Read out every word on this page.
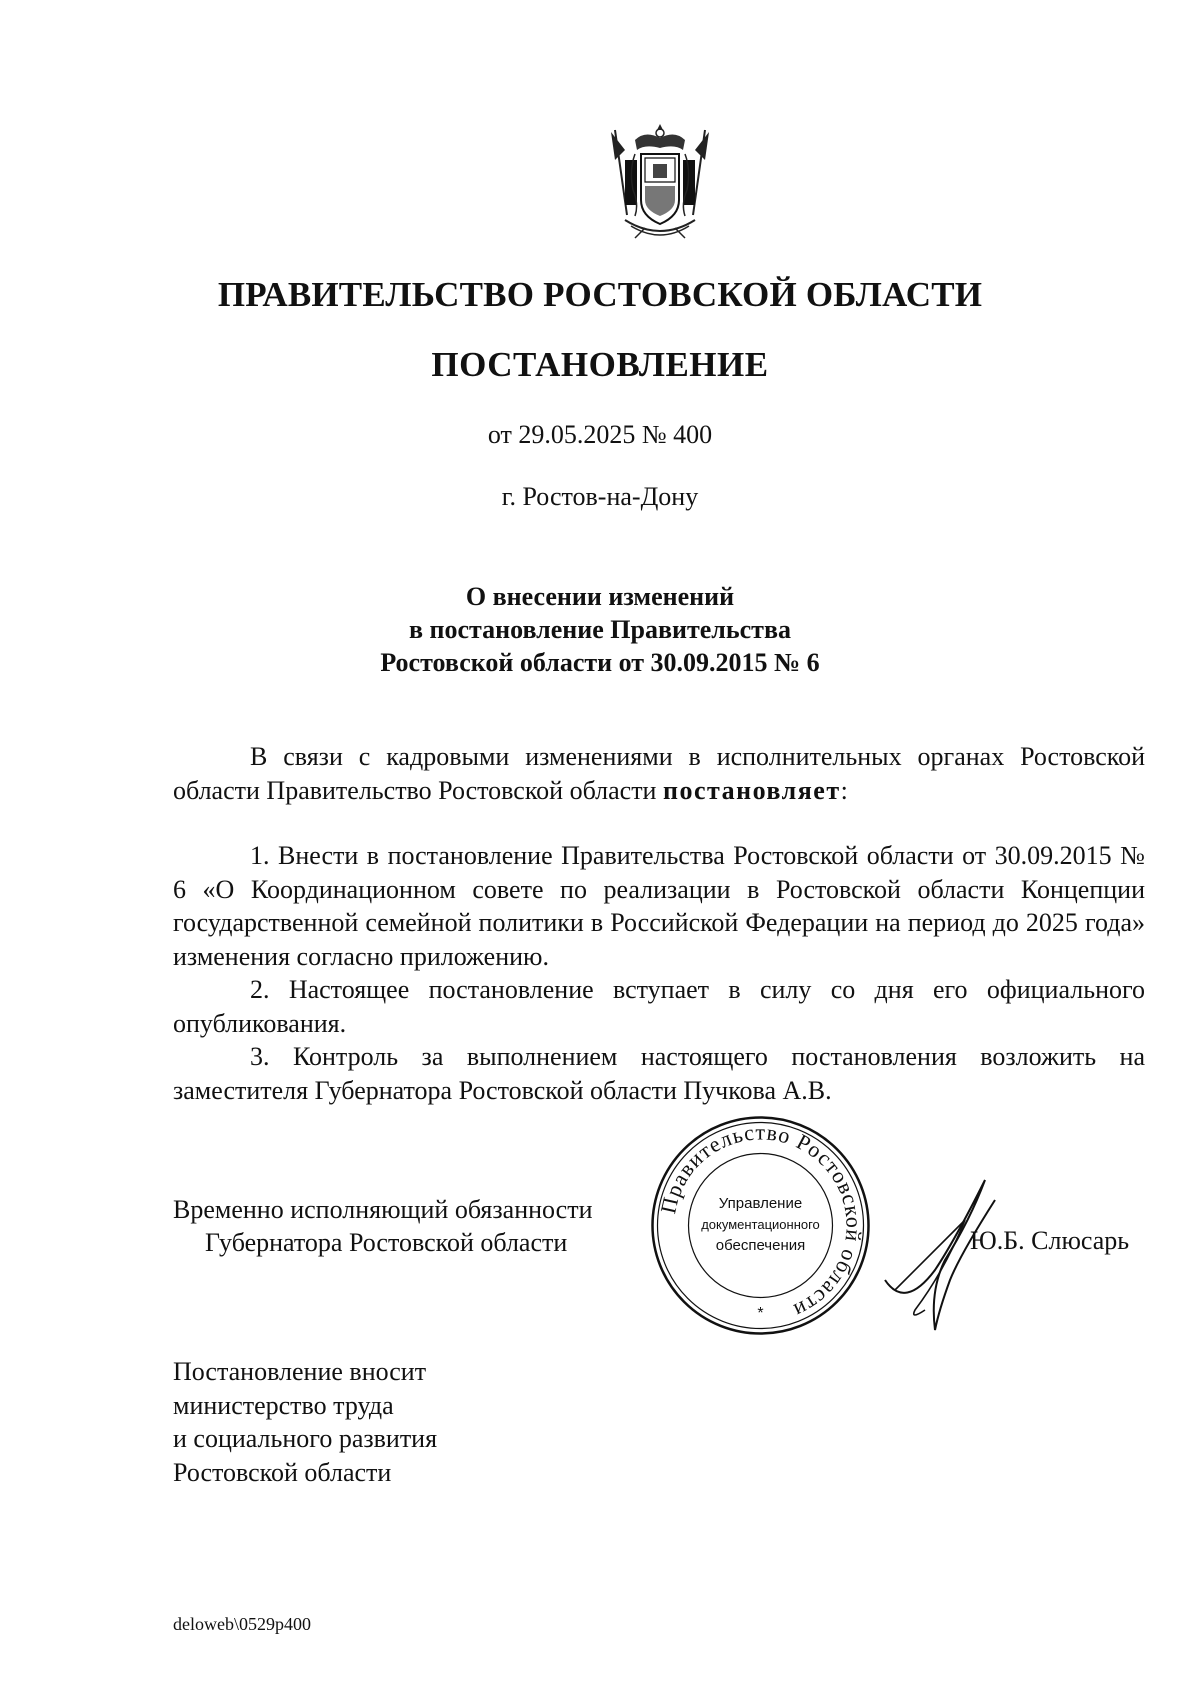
ПРАВИТЕЛЬСТВО РОСТОВСКОЙ ОБЛАСТИ
ПОСТАНОВЛЕНИЕ
от 29.05.2025 № 400
г. Ростов-на-Дону
О внесении изменений
в постановление Правительства
Ростовской области от 30.09.2015 № 6
В связи с кадровыми изменениями в исполнительных органах Ростовской области Правительство Ростовской области постановляет:
1. Внести в постановление Правительства Ростовской области от 30.09.2015 № 6 «О Координационном совете по реализации в Ростовской области Концепции государственной семейной политики в Российской Федерации на период до 2025 года» изменения согласно приложению.
2. Настоящее постановление вступает в силу со дня его официального опубликования.
3. Контроль за выполнением настоящего постановления возложить на заместителя Губернатора Ростовской области Пучкова А.В.
Временно исполняющий обязанности
Губернатора Ростовской области
Правительство Ростовской области
Управление
документационного
обеспечения
*
Ю.Б. Слюсарь
Постановление вносит
министерство труда
и социального развития
Ростовской области
deloweb\0529p400
